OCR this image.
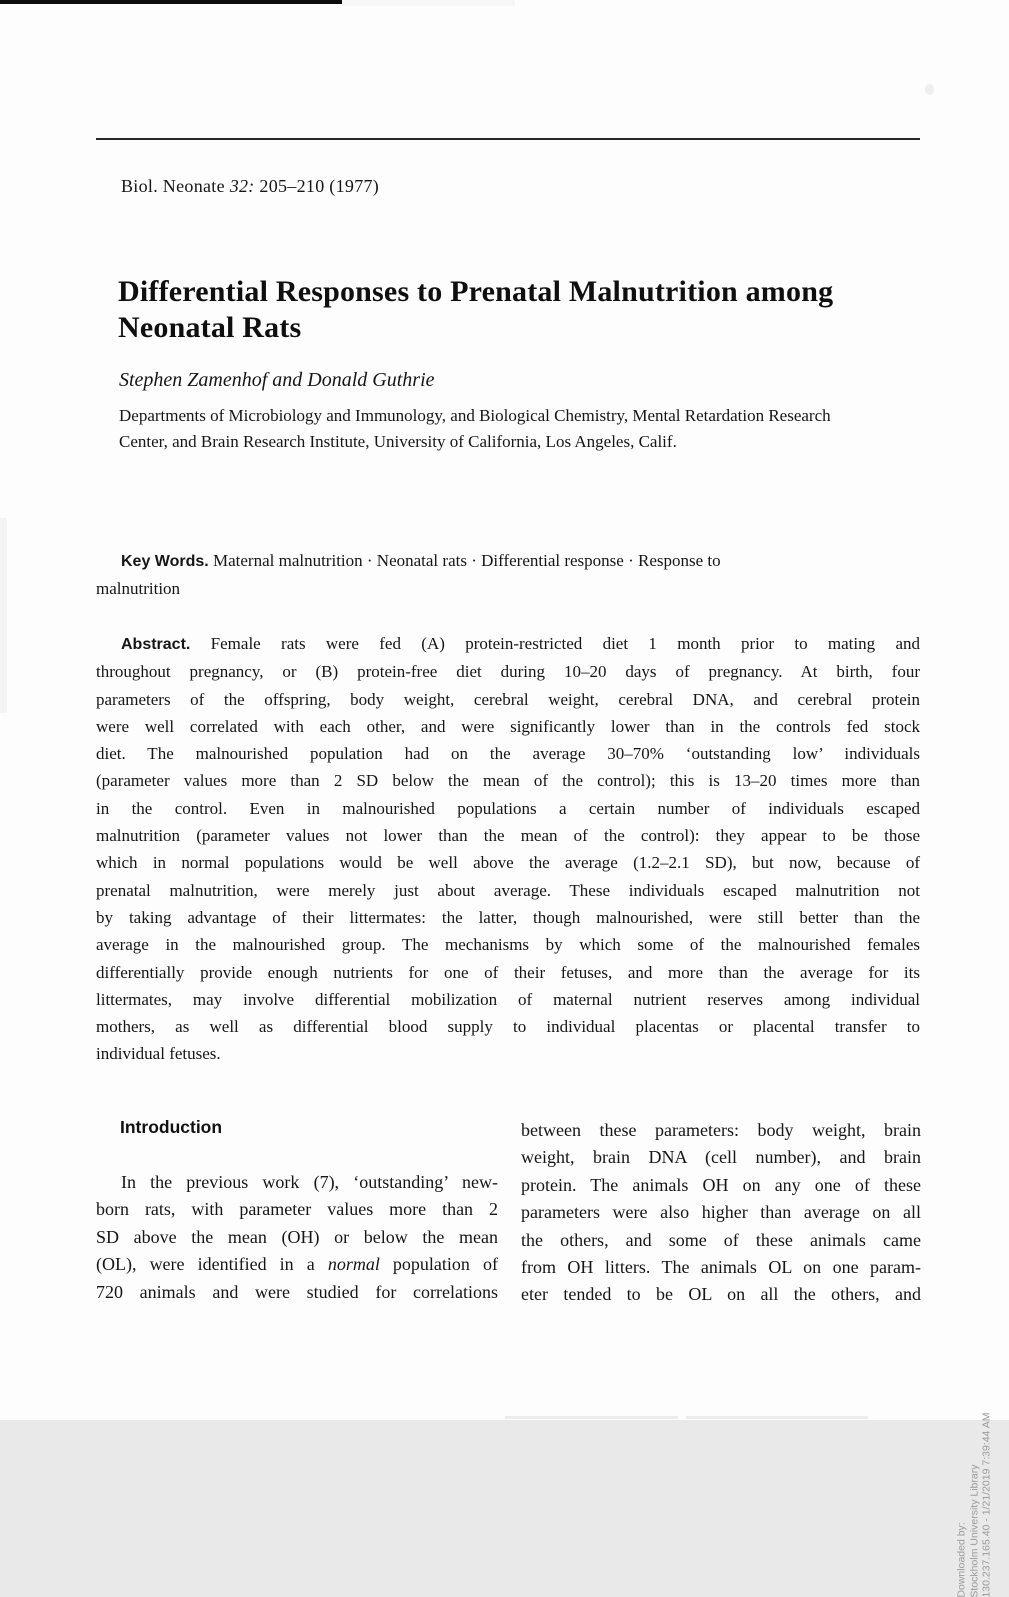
Biol. Neonate 32: 205–210 (1977)
Differential Responses to Prenatal Malnutrition among
Neonatal Rats
Stephen Zamenhof and Donald Guthrie
Departments of Microbiology and Immunology, and Biological Chemistry, Mental Retardation Research
Center, and Brain Research Institute, University of California, Los Angeles, Calif.
Key Words. Maternal malnutrition · Neonatal rats · Differential response · Response to
malnutrition
Abstract. Female rats were fed (A) protein-restricted diet 1 month prior to mating and
throughout pregnancy, or (B) protein-free diet during 10–20 days of pregnancy. At birth, four
parameters of the offspring, body weight, cerebral weight, cerebral DNA, and cerebral protein
were well correlated with each other, and were significantly lower than in the controls fed stock
diet. The malnourished population had on the average 30–70% ‘outstanding low’ individuals
(parameter values more than 2 SD below the mean of the control); this is 13–20 times more than
in the control. Even in malnourished populations a certain number of individuals escaped
malnutrition (parameter values not lower than the mean of the control): they appear to be those
which in normal populations would be well above the average (1.2–2.1 SD), but now, because of
prenatal malnutrition, were merely just about average. These individuals escaped malnutrition not
by taking advantage of their littermates: the latter, though malnourished, were still better than the
average in the malnourished group. The mechanisms by which some of the malnourished females
differentially provide enough nutrients for one of their fetuses, and more than the average for its
littermates, may involve differential mobilization of maternal nutrient reserves among individual
mothers, as well as differential blood supply to individual placentas or placental transfer to
individual fetuses.
Introduction
In the previous work (7), ‘outstanding’ new-
born rats, with parameter values more than 2
SD above the mean (OH) or below the mean
(OL), were identified in a normal population of
720 animals and were studied for correlations
between these parameters: body weight, brain
weight, brain DNA (cell number), and brain
protein. The animals OH on any one of these
parameters were also higher than average on all
the others, and some of these animals came
from OH litters. The animals OL on one param-
eter tended to be OL on all the others, and
Downloaded by: Stockholm University Library 130.237.165.40 - 1/21/2019 7:39:44 AM
